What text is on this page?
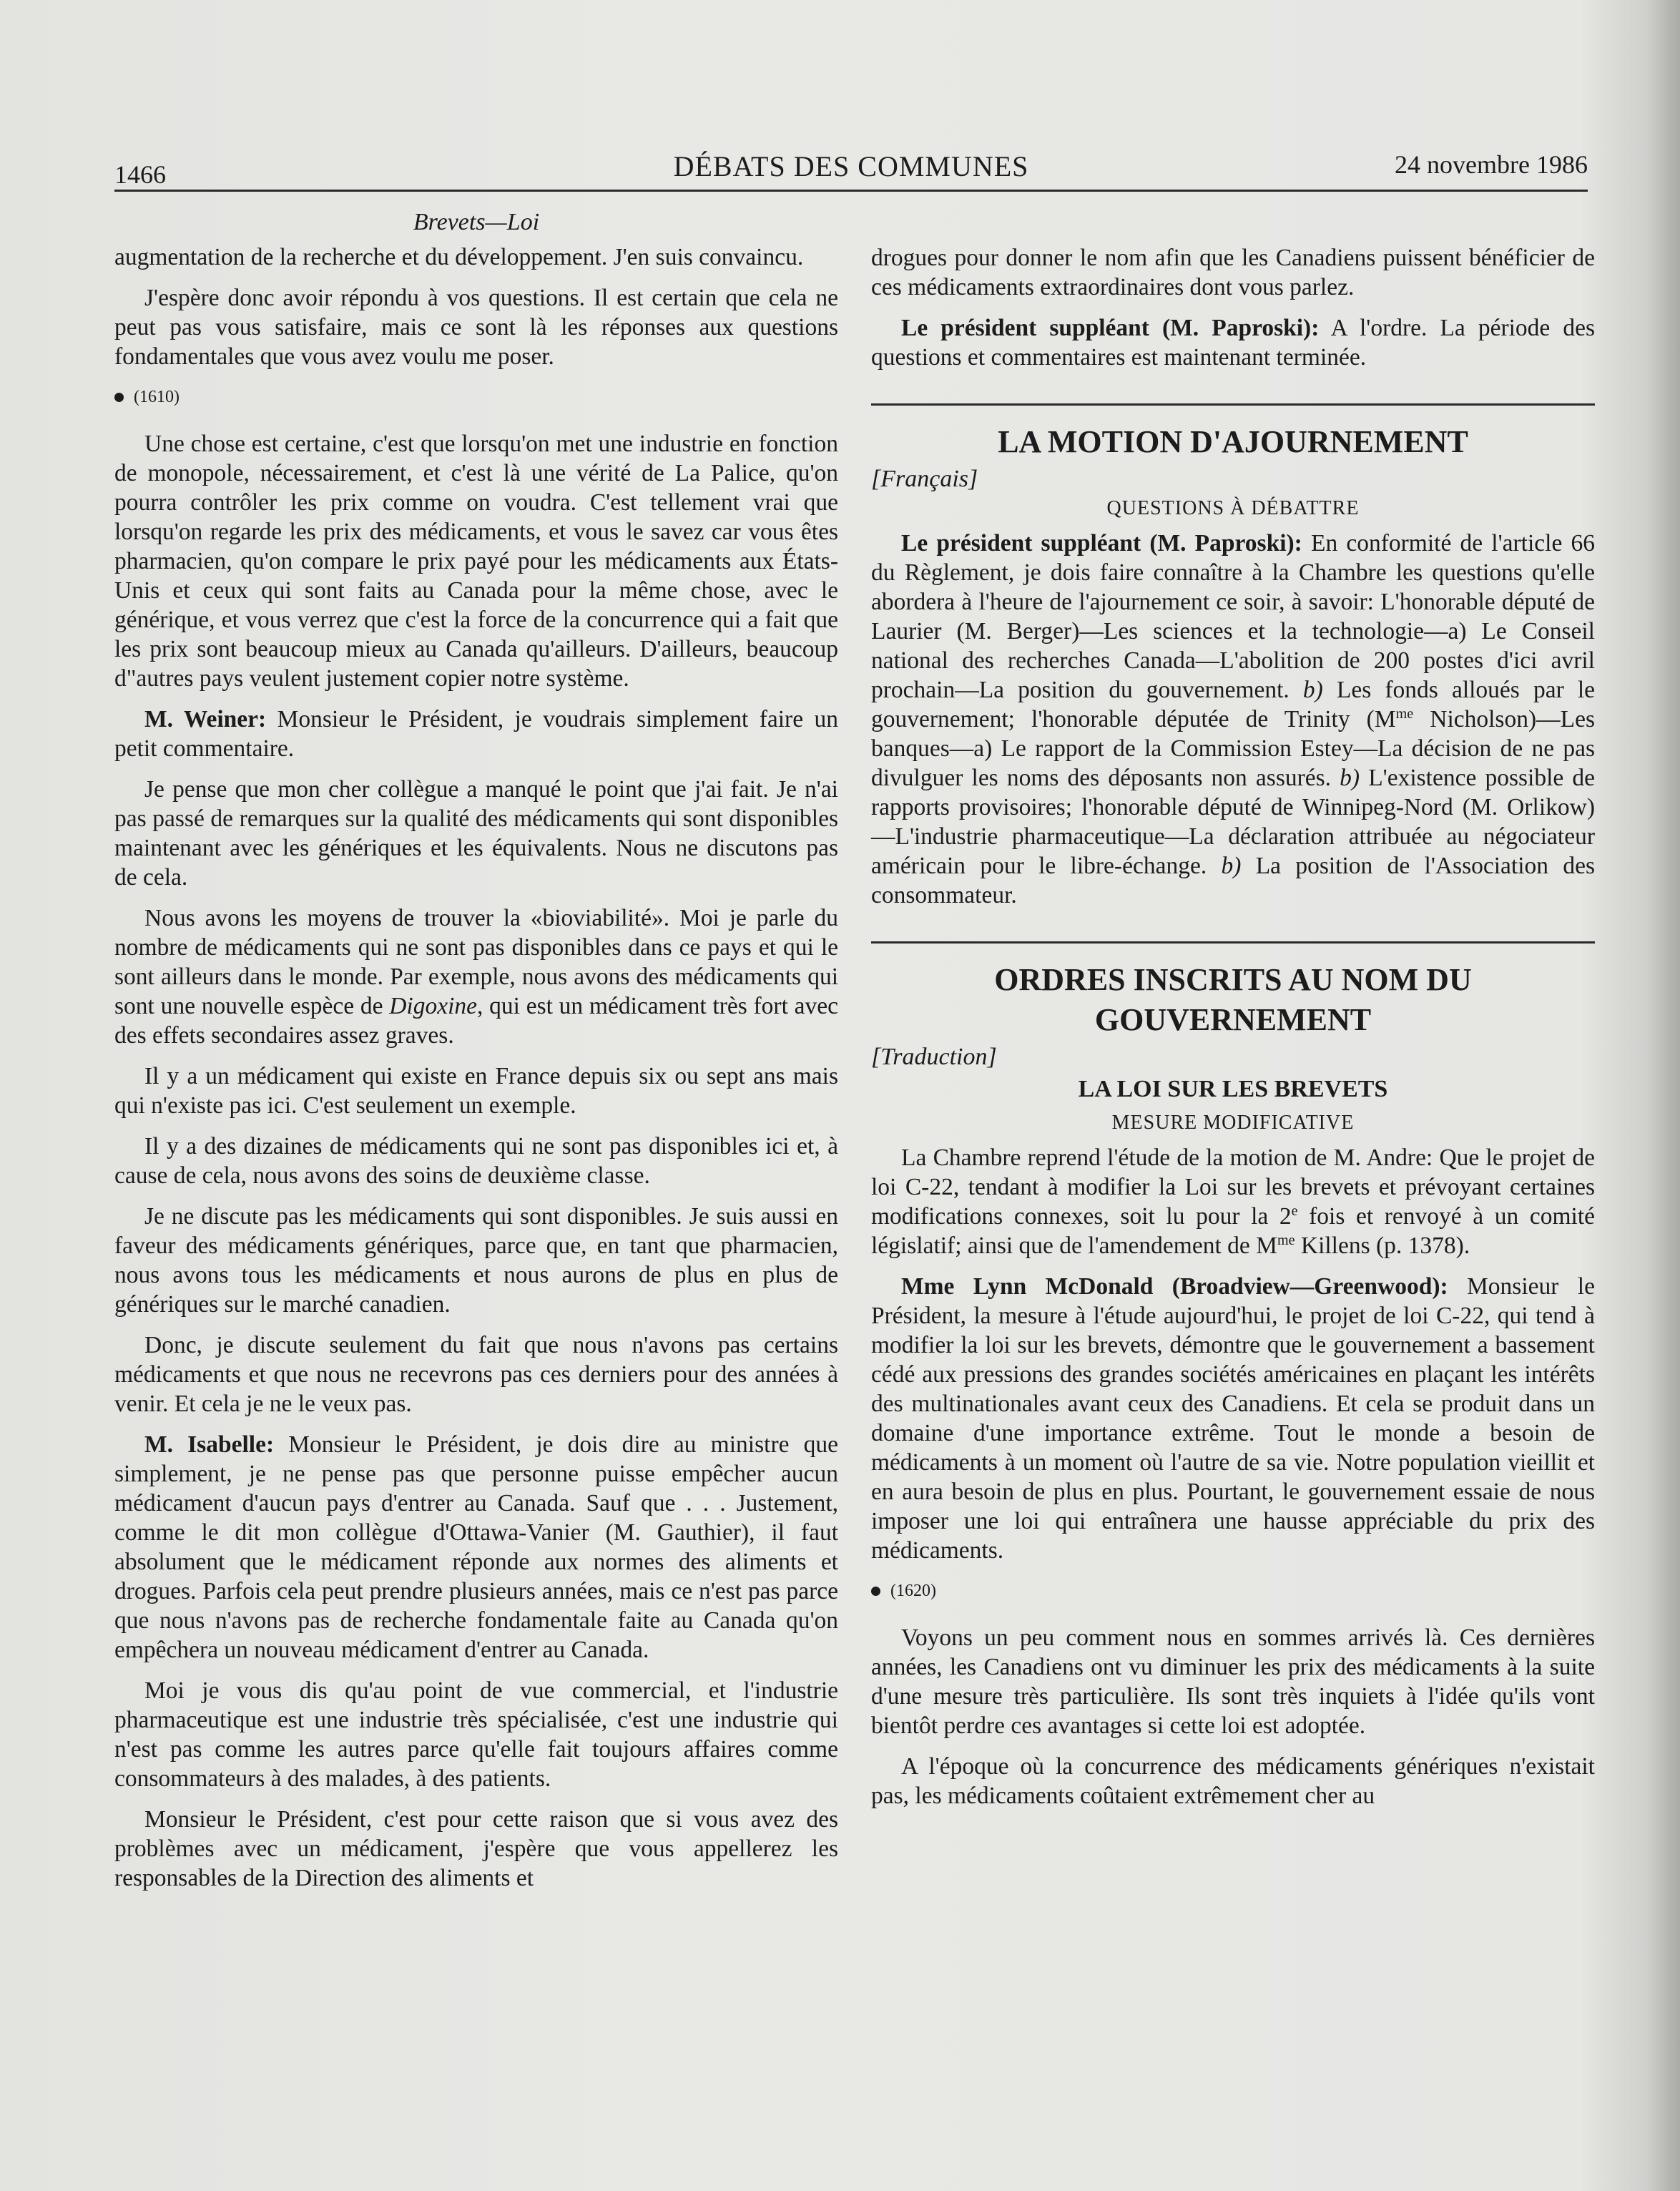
1466	DÉBATS DES COMMUNES	24 novembre 1986
Brevets—Loi

augmentation de la recherche et du développement. J'en suis convaincu.

J'espère donc avoir répondu à vos questions. Il est certain que cela ne peut pas vous satisfaire, mais ce sont là les réponses aux questions fondamentales que vous avez voulu me poser.

(1610)

Une chose est certaine, c'est que lorsqu'on met une industrie en fonction de monopole, nécessairement, et c'est là une vérité de La Palice, qu'on pourra contrôler les prix comme on voudra. C'est tellement vrai que lorsqu'on regarde les prix des médicaments, et vous le savez car vous êtes pharmacien, qu'on compare le prix payé pour les médicaments aux États-Unis et ceux qui sont faits au Canada pour la même chose, avec le générique, et vous verrez que c'est la force de la concurrence qui a fait que les prix sont beaucoup mieux au Canada qu'ailleurs. D'ailleurs, beaucoup d"autres pays veulent justement copier notre système.

M. Weiner: Monsieur le Président, je voudrais simplement faire un petit commentaire.

Je pense que mon cher collègue a manqué le point que j'ai fait. Je n'ai pas passé de remarques sur la qualité des médicaments qui sont disponibles maintenant avec les génériques et les équivalents. Nous ne discutons pas de cela.

Nous avons les moyens de trouver la «bioviabilité». Moi je parle du nombre de médicaments qui ne sont pas disponibles dans ce pays et qui le sont ailleurs dans le monde. Par exemple, nous avons des médicaments qui sont une nouvelle espèce de Digoxine, qui est un médicament très fort avec des effets secondaires assez graves.

Il y a un médicament qui existe en France depuis six ou sept ans mais qui n'existe pas ici. C'est seulement un exemple.

Il y a des dizaines de médicaments qui ne sont pas disponibles ici et, à cause de cela, nous avons des soins de deuxième classe.

Je ne discute pas les médicaments qui sont disponibles. Je suis aussi en faveur des médicaments génériques, parce que, en tant que pharmacien, nous avons tous les médicaments et nous aurons de plus en plus de génériques sur le marché canadien.

Donc, je discute seulement du fait que nous n'avons pas certains médicaments et que nous ne recevrons pas ces derniers pour des années à venir. Et cela je ne le veux pas.

M. Isabelle: Monsieur le Président, je dois dire au ministre que simplement, je ne pense pas que personne puisse empêcher aucun médicament d'aucun pays d'entrer au Canada. Sauf que . . . Justement, comme le dit mon collègue d'Ottawa-Vanier (M. Gauthier), il faut absolument que le médicament réponde aux normes des aliments et drogues. Parfois cela peut prendre plusieurs années, mais ce n'est pas parce que nous n'avons pas de recherche fondamentale faite au Canada qu'on empêchera un nouveau médicament d'entrer au Canada.

Moi je vous dis qu'au point de vue commercial, et l'industrie pharmaceutique est une industrie très spécialisée, c'est une industrie qui n'est pas comme les autres parce qu'elle fait toujours affaires comme consommateurs à des malades, à des patients.

Monsieur le Président, c'est pour cette raison que si vous avez des problèmes avec un médicament, j'espère que vous appellerez les responsables de la Direction des aliments et

drogues pour donner le nom afin que les Canadiens puissent bénéficier de ces médicaments extraordinaires dont vous parlez.

Le président suppléant (M. Paproski): A l'ordre. La période des questions et commentaires est maintenant terminée.

LA MOTION D'AJOURNEMENT

[Français]

QUESTIONS À DÉBATTRE

Le président suppléant (M. Paproski): En conformité de l'article 66 du Règlement, je dois faire connaître à la Chambre les questions qu'elle abordera à l'heure de l'ajournement ce soir, à savoir: L'honorable député de Laurier (M. Berger)—Les sciences et la technologie—a) Le Conseil national des recherches Canada—L'abolition de 200 postes d'ici avril prochain—La position du gouvernement. b) Les fonds alloués par le gouvernement; l'honorable députée de Trinity ($M^{me}$ Nicholson)—Les banques—a) Le rapport de la Commission Estey—La décision de ne pas divulguer les noms des déposants non assurés. b) L'existence possible de rapports provisoires; l'honorable député de Winnipeg-Nord (M. Orlikow)—L'industrie pharmaceutique—La déclaration attribuée au négociateur américain pour le libre-échange. b) La position de l'Association des consommateur.

ORDRES INSCRITS AU NOM DU
GOUVERNEMENT

[Traduction]

LA LOI SUR LES BREVETS
MESURE MODIFICATIVE

La Chambre reprend l'étude de la motion de M. Andre: Que le projet de loi C-22, tendant à modifier la Loi sur les brevets et prévoyant certaines modifications connexes, soit lu pour la 2e fois et renvoyé à un comité législatif; ainsi que de l'amendement de $M^{me}$ Killens (p. 1378).

Mme Lynn McDonald (Broadview—Greenwood): Monsieur le Président, la mesure à l'étude aujourd'hui, le projet de loi C-22, qui tend à modifier la loi sur les brevets, démontre que le gouvernement a bassement cédé aux pressions des grandes sociétés américaines en plaçant les intérêts des multinationales avant ceux des Canadiens. Et cela se produit dans un domaine d'une importance extrême. Tout le monde a besoin de médicaments à un moment où l'autre de sa vie. Notre population vieillit et en aura besoin de plus en plus. Pourtant, le gouvernement essaie de nous imposer une loi qui entraînera une hausse appréciable du prix des médicaments.

(1620)

Voyons un peu comment nous en sommes arrivés là. Ces dernières années, les Canadiens ont vu diminuer les prix des médicaments à la suite d'une mesure très particulière. Ils sont très inquiets à l'idée qu'ils vont bientôt perdre ces avantages si cette loi est adoptée.

A l'époque où la concurrence des médicaments génériques n'existait pas, les médicaments coûtaient extrêmement cher au
